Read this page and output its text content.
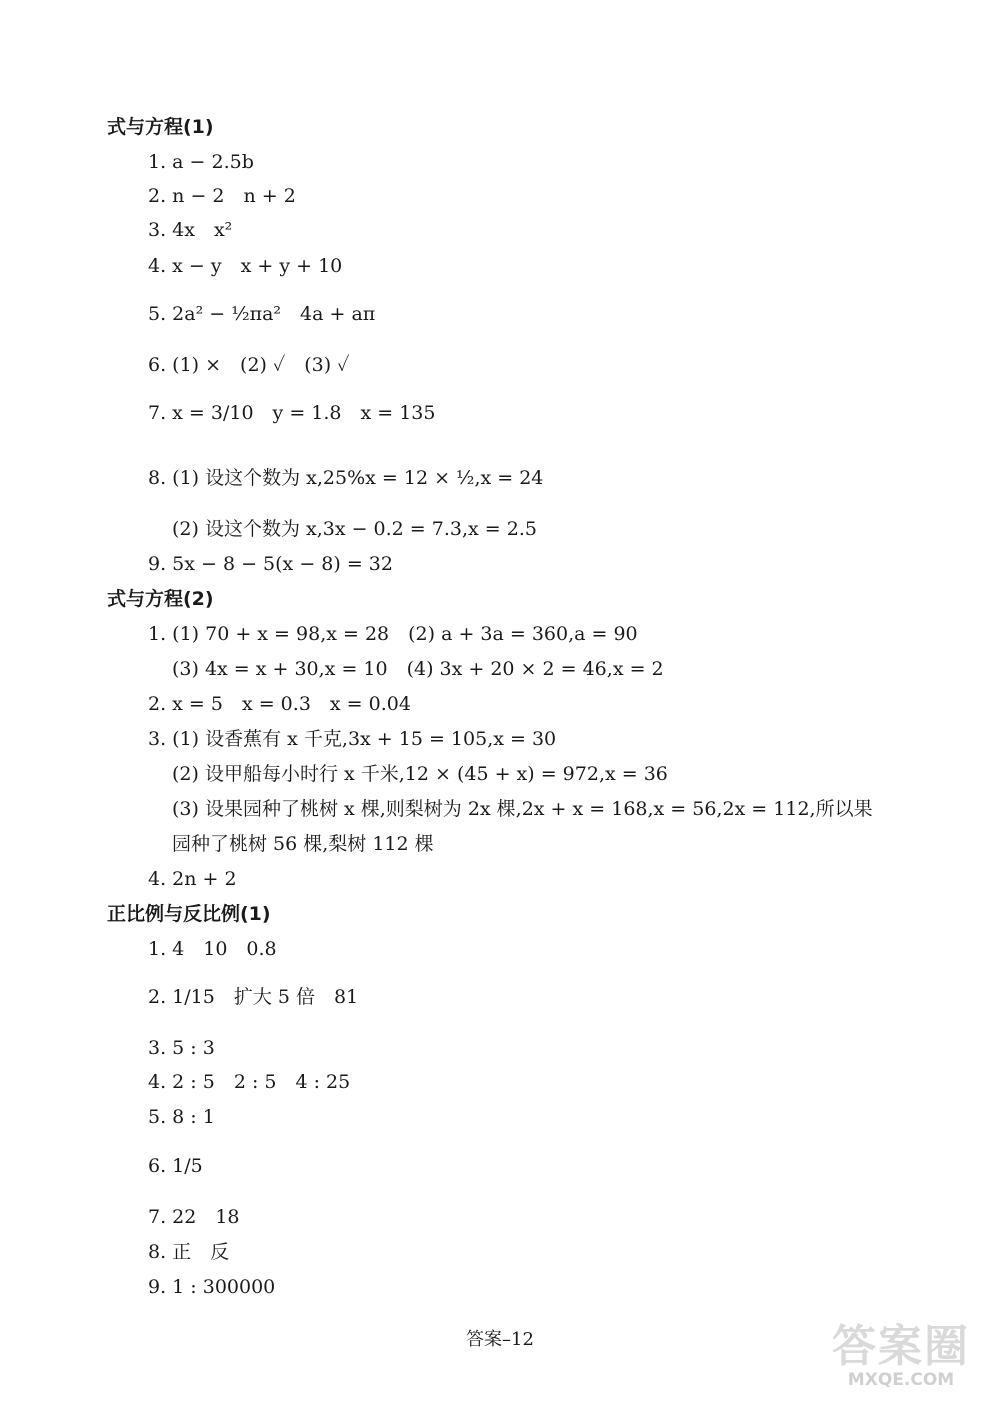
式与方程(1)
1. a − 2.5b
2. n − 2　n + 2
3. 4x　x²
4. x − y　x + y + 10
5. 2a² − ½πa²　4a + aπ
6. (1) ×　(2) ✓　(3) ✓
7. x = 3/10　y = 1.8　x = 135
8. (1) 设这个数为 x,25%x = 12 × ½,x = 24
(2) 设这个数为 x,3x − 0.2 = 7.3,x = 2.5
9. 5x − 8 − 5(x − 8) = 32
式与方程(2)
1. (1) 70 + x = 98,x = 28　(2) a + 3a = 360,a = 90
(3) 4x = x + 30,x = 10　(4) 3x + 20 × 2 = 46,x = 2
2. x = 5　x = 0.3　x = 0.04
3. (1) 设香蕉有 x 千克,3x + 15 = 105,x = 30
(2) 设甲船每小时行 x 千米,12 × (45 + x) = 972,x = 36
(3) 设果园种了桃树 x 棵,则梨树为 2x 棵,2x + x = 168,x = 56,2x = 112,所以果
园种了桃树 56 棵,梨树 112 棵
4. 2n + 2
正比例与反比例(1)
1. 4　10　0.8
2. 1/15　扩大 5 倍　81
3. 5 : 3
4. 2 : 5　2 : 5　4 : 25
5. 8 : 1
6. 1/5
7. 22　18
8. 正　反
9. 1 : 300000
答案–12	答案圈
MXQE.COM
